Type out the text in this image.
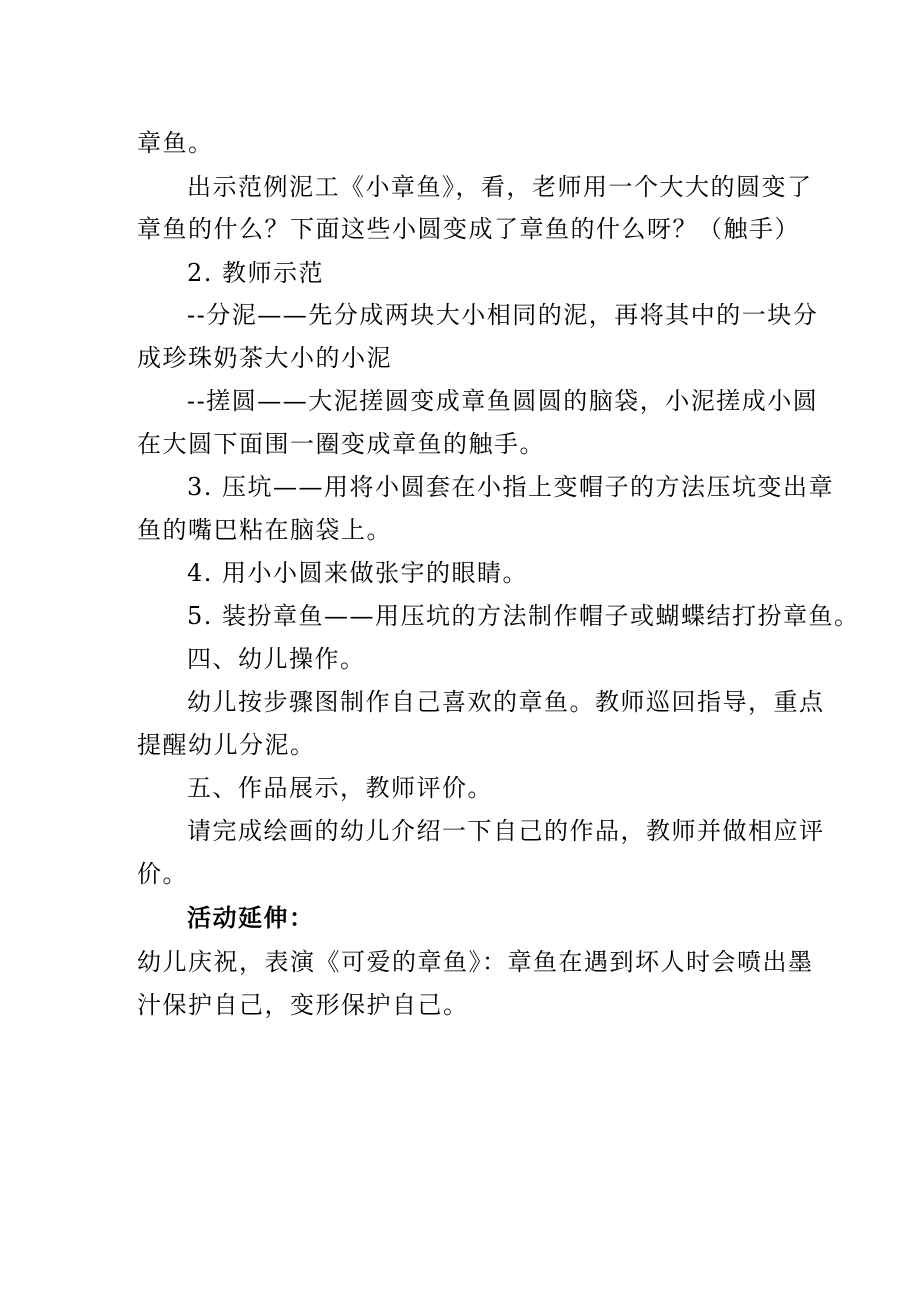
章鱼。
出示范例泥工《小章鱼》，看，老师用一个大大的圆变了
章鱼的什么？下面这些小圆变成了章鱼的什么呀？（触手）
2. 教师示范
--分泥——先分成两块大小相同的泥，再将其中的一块分
成珍珠奶茶大小的小泥
--搓圆——大泥搓圆变成章鱼圆圆的脑袋，小泥搓成小圆
在大圆下面围一圈变成章鱼的触手。
3. 压坑——用将小圆套在小指上变帽子的方法压坑变出章
鱼的嘴巴粘在脑袋上。
4. 用小小圆来做张宇的眼睛。
5. 装扮章鱼——用压坑的方法制作帽子或蝴蝶结打扮章鱼。
四、幼儿操作。
幼儿按步骤图制作自己喜欢的章鱼。教师巡回指导，重点
提醒幼儿分泥。
五、作品展示，教师评价。
请完成绘画的幼儿介绍一下自己的作品，教师并做相应评
价。
活动延伸：
幼儿庆祝，表演《可爱的章鱼》：章鱼在遇到坏人时会喷出墨
汁保护自己，变形保护自己。
